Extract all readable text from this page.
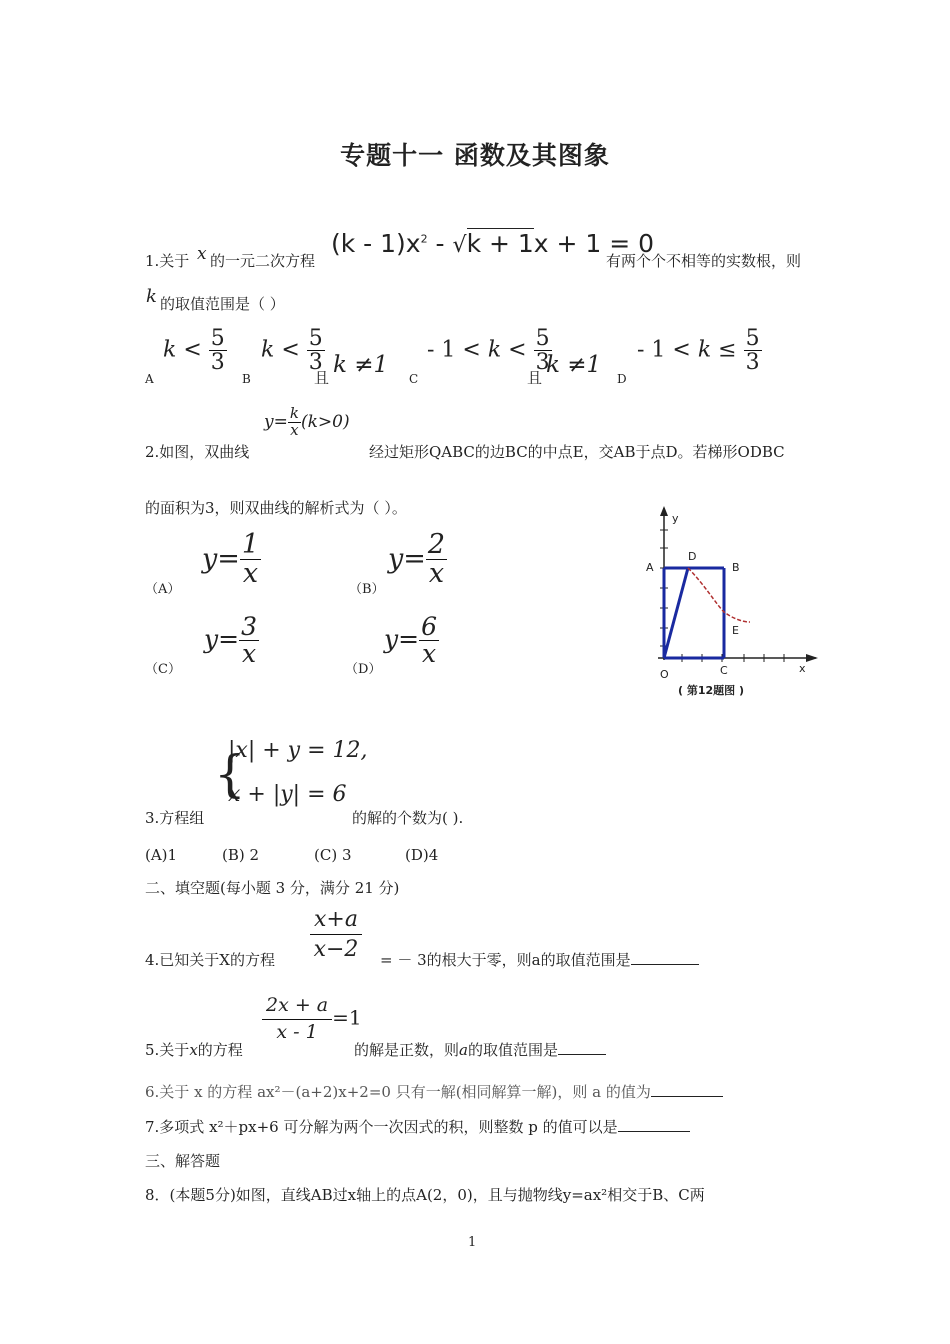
专题十一 函数及其图象
1.关于 x 的一元二次方程
$(k - 1)x^2 - √k + 1x + 1 = 0$
有两个个不相等的实数根，则
k 的取值范围是（ ）
A
$k < \frac{5}{3}$
B
$k < \frac{5}{3}$
且 k ≠1
C
- $1 < k < \frac{5}{3}$
且 k ≠1
D
- $1 < k \le \frac{5}{3}$
2.如图，双曲线
$y= \frac{k}{x} (k>0)$
经过矩形QABC的边BC的中点E，交AB于点D。若梯形ODBC
的面积为3，则双曲线的解析式为（ ）。
（A）
$y= \frac{1}{x}$
（B）
$y= \frac{2}{x}$
（C）
$y= \frac{3}{x}$
（D）
$y= \frac{6}{x}$
y
A
D
B
E
O	C	x
( 第12题图 )
3.方程组
{
|x| + y = 12,
x + |y| = 6
的解的个数为( ).
(A)1	(B) 2	(C) 3	(D)4
二、填空题(每小题 3 分，满分 21 分)
4.已知关于X的方程 $\frac{x+a}{x-2}$ = － 3的根大于零，则a的取值范围是
5.关于x的方程
$\frac{2x + a}{x - 1} =1$
的解是正数，则a的取值范围是
6.关于 x 的方程 ax²－(a+2)x+2=0 只有一解(相同解算一解)，则 a 的值为
7.多项式 x²＋px+6 可分解为两个一次因式的积，则整数 p 的值可以是
三、解答题
8．(本题5分)如图，直线AB过x轴上的点A(2，0)，且与抛物线y=ax²相交于B、C两
1
